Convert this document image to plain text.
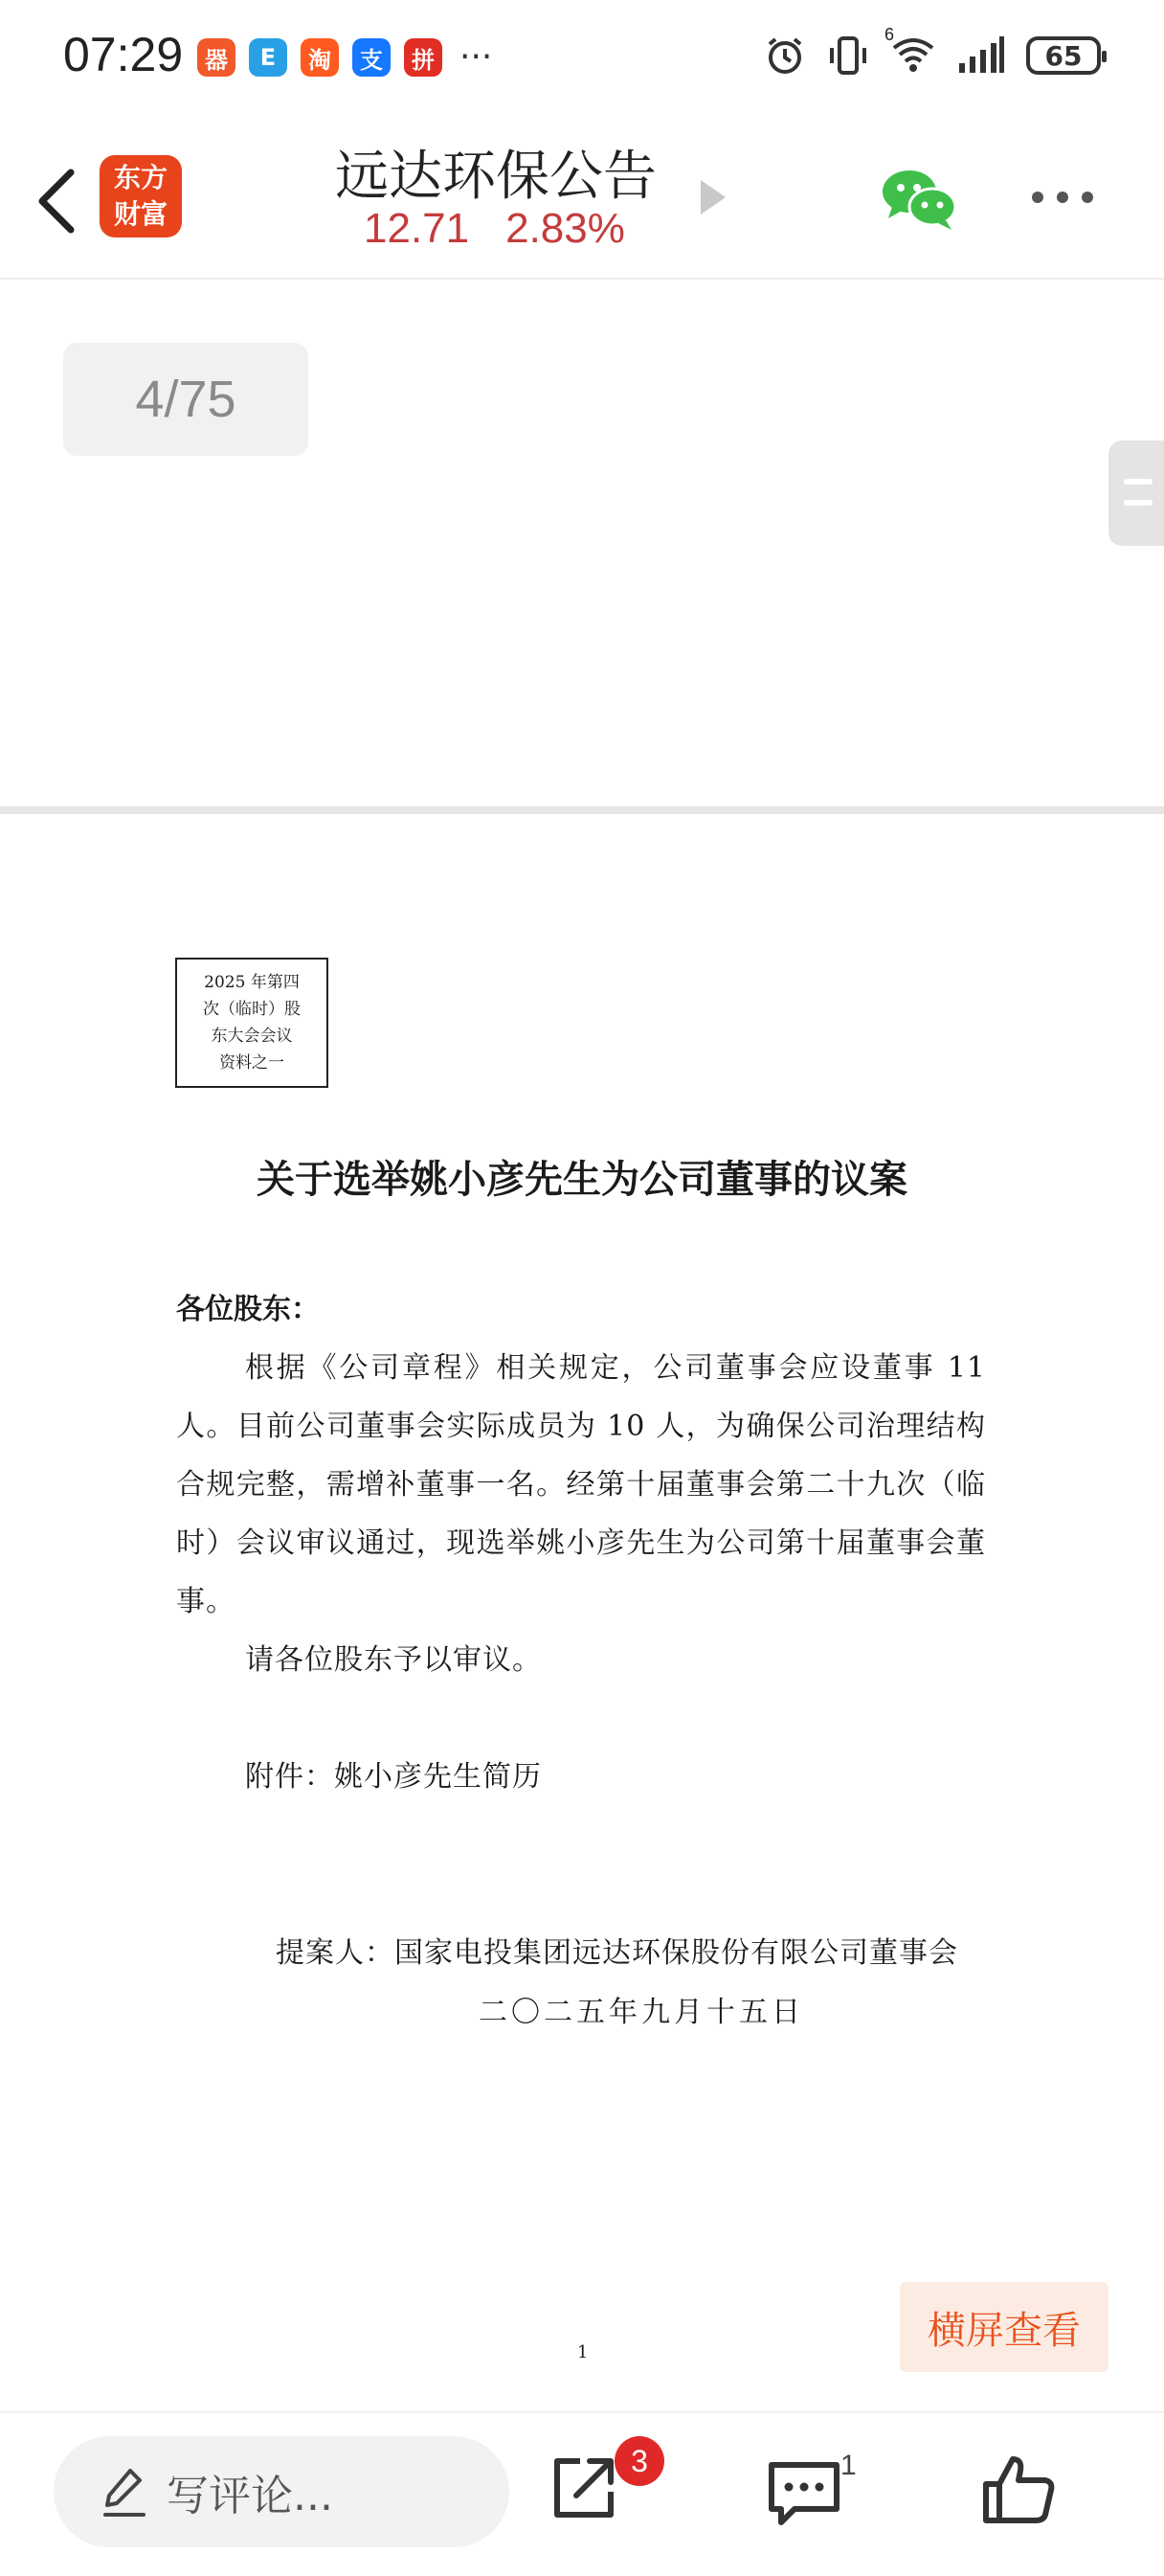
07:29 器	E	淘	支	拼 ···
6
65
东方
财富
远达环保公告
12.71 2.83%
4/75
2025 年第四
次（临时）股
东大会会议
资料之一
关于选举姚小彦先生为公司董事的议案
各位股东：
根据《公司章程》相关规定，公司董事会应设董事 11 人。目前公司董事会实际成员为 10 人，为确保公司治理结构合规完整，需增补董事一名。经第十届董事会第二十九次（临时）会议审议通过，现选举姚小彦先生为公司第十届董事会董事。
请各位股东予以审议。
附件：姚小彦先生简历
提案人：国家电投集团远达环保股份有限公司董事会
二〇二五年九月十五日
1	横屏查看
写评论...
3	1
